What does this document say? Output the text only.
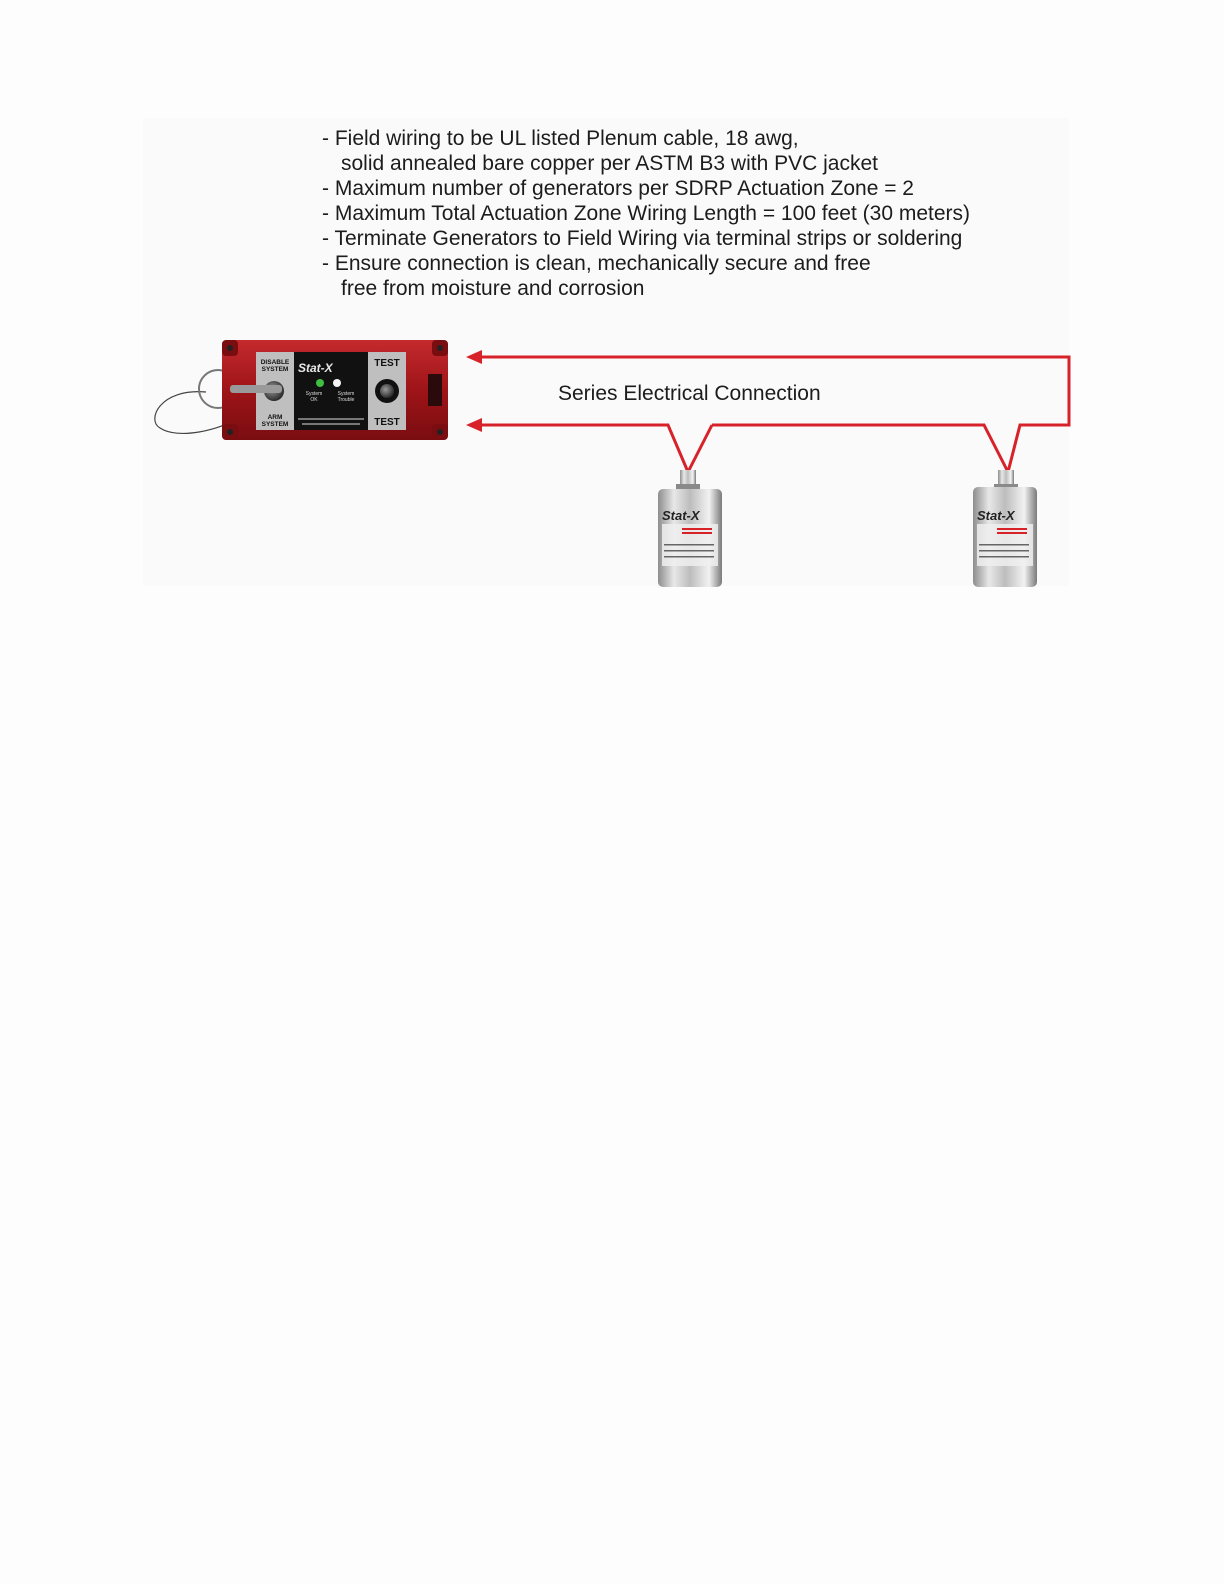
- Field wiring to be UL listed Plenum cable, 18 awg,
solid annealed bare copper per ASTM B3 with PVC jacket
- Maximum number of generators per SDRP Actuation Zone = 2
- Maximum Total Actuation Zone Wiring Length = 100 feet (30 meters)
- Terminate Generators to Field Wiring via terminal strips or soldering
- Ensure connection is clean, mechanically secure and free
free from moisture and corrosion
DISABLE
SYSTEM
ARM
SYSTEM
Stat-X
System
OK
System
Trouble
TEST
TEST
Stat-X	Stat-X
Series Electrical Connection
